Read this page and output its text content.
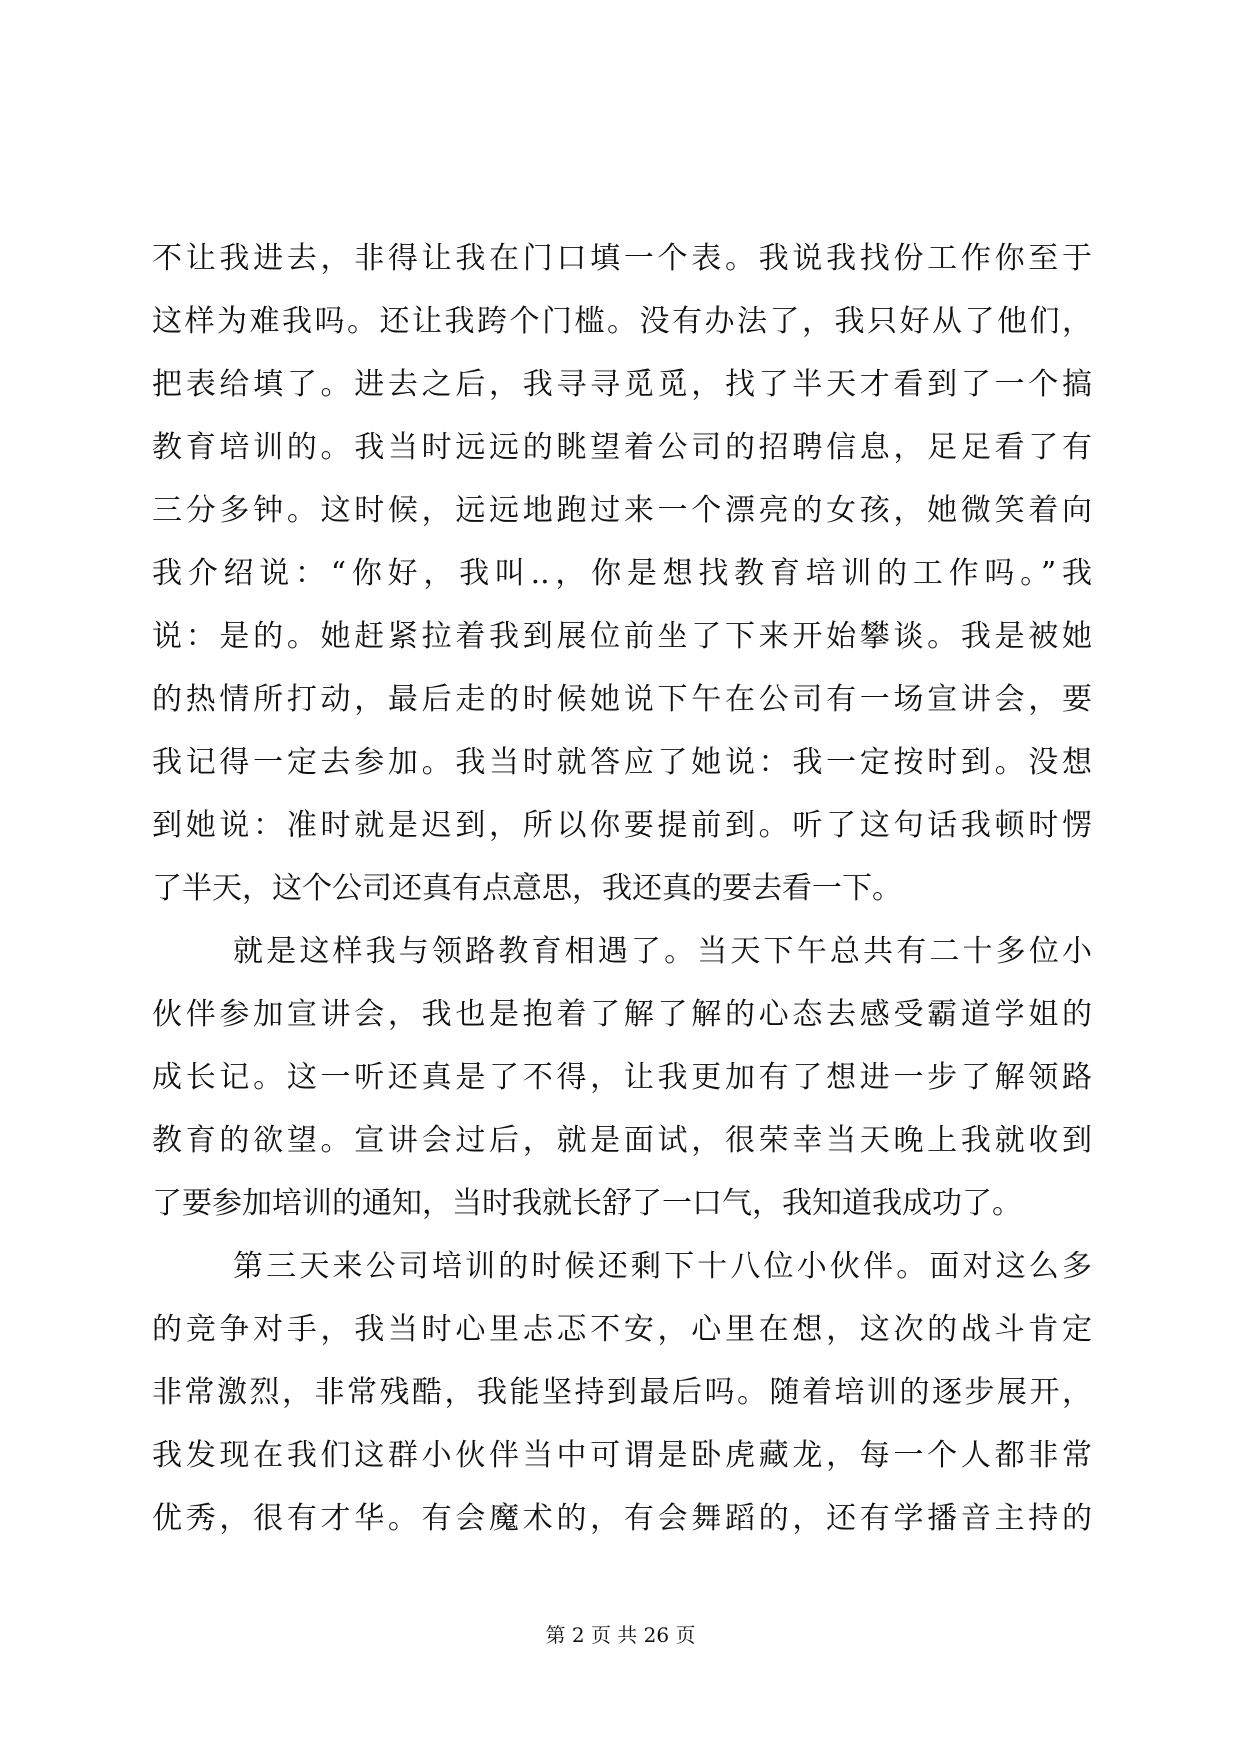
不让我进去，非得让我在门口填一个表。我说我找份工作你至于
这样为难我吗。还让我跨个门槛。没有办法了，我只好从了他们，
把表给填了。进去之后，我寻寻觅觅，找了半天才看到了一个搞
教育培训的。我当时远远的眺望着公司的招聘信息，足足看了有
三分多钟。这时候，远远地跑过来一个漂亮的女孩，她微笑着向
我介绍说：“你好，我叫..，你是想找教育培训的工作吗。”我
说：是的。她赶紧拉着我到展位前坐了下来开始攀谈。我是被她
的热情所打动，最后走的时候她说下午在公司有一场宣讲会，要
我记得一定去参加。我当时就答应了她说：我一定按时到。没想
到她说：准时就是迟到，所以你要提前到。听了这句话我顿时愣
了半天，这个公司还真有点意思，我还真的要去看一下。
就是这样我与领路教育相遇了。当天下午总共有二十多位小
伙伴参加宣讲会，我也是抱着了解了解的心态去感受霸道学姐的
成长记。这一听还真是了不得，让我更加有了想进一步了解领路
教育的欲望。宣讲会过后，就是面试，很荣幸当天晚上我就收到
了要参加培训的通知，当时我就长舒了一口气，我知道我成功了。
第三天来公司培训的时候还剩下十八位小伙伴。面对这么多
的竞争对手，我当时心里忐忑不安，心里在想，这次的战斗肯定
非常激烈，非常残酷，我能坚持到最后吗。随着培训的逐步展开，
我发现在我们这群小伙伴当中可谓是卧虎藏龙，每一个人都非常
优秀，很有才华。有会魔术的，有会舞蹈的，还有学播音主持的
第 2 页 共 26 页
